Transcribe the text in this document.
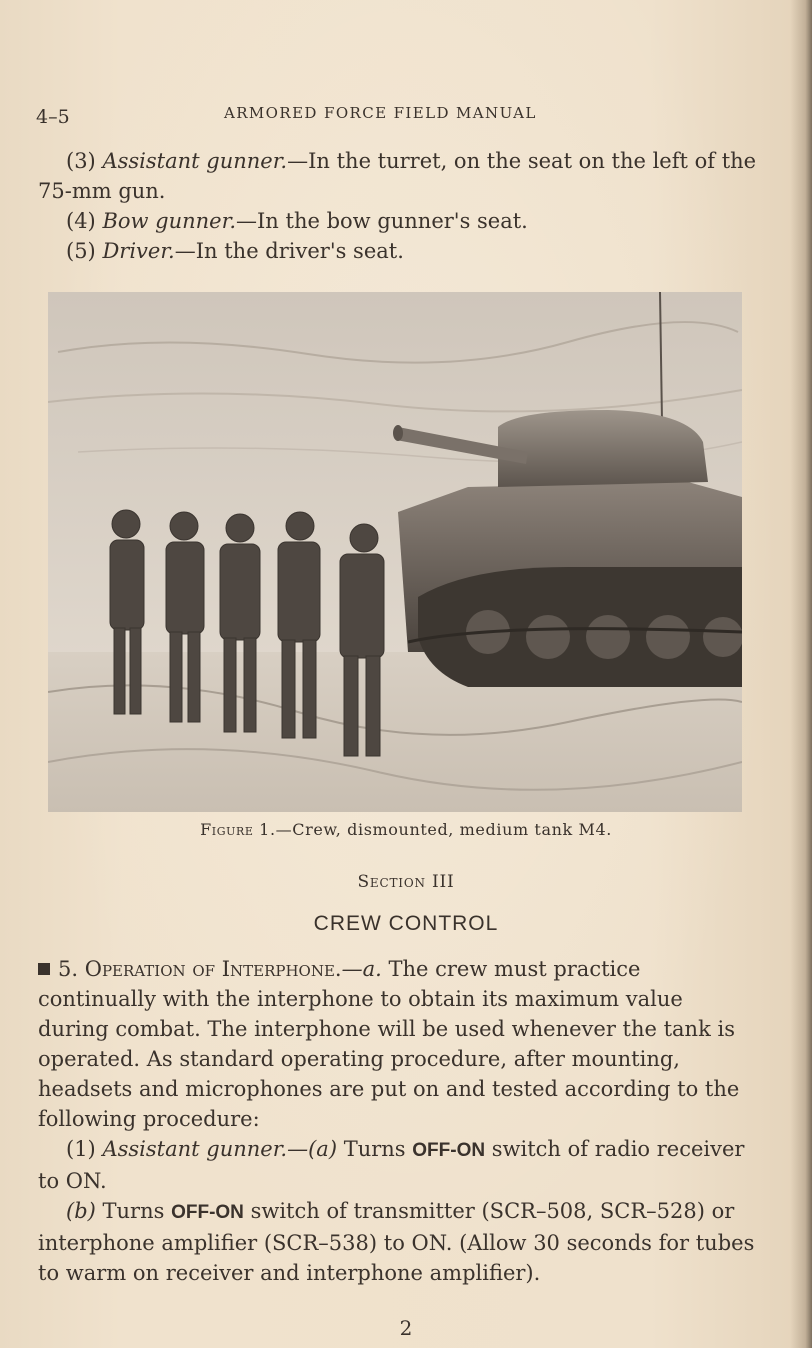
4–5	ARMORED FORCE FIELD MANUAL

(3) Assistant gunner.—In the turret, on the seat on the left of the 75-mm gun.

(4) Bow gunner.—In the bow gunner's seat.

(5) Driver.—In the driver's seat.

Figure 1.—Crew, dismounted, medium tank M4.
Section III
CREW CONTROL

5. Operation of Interphone.—a. The crew must practice continually with the interphone to obtain its maximum value during combat. The interphone will be used whenever the tank is operated. As standard operating procedure, after mounting, headsets and microphones are put on and tested according to the following procedure:

(1) Assistant gunner.—(a) Turns OFF-ON switch of radio receiver to ON.

(b) Turns OFF-ON switch of transmitter (SCR–508, SCR–528) or interphone amplifier (SCR–538) to ON. (Allow 30 seconds for tubes to warm on receiver and interphone amplifier).

2
